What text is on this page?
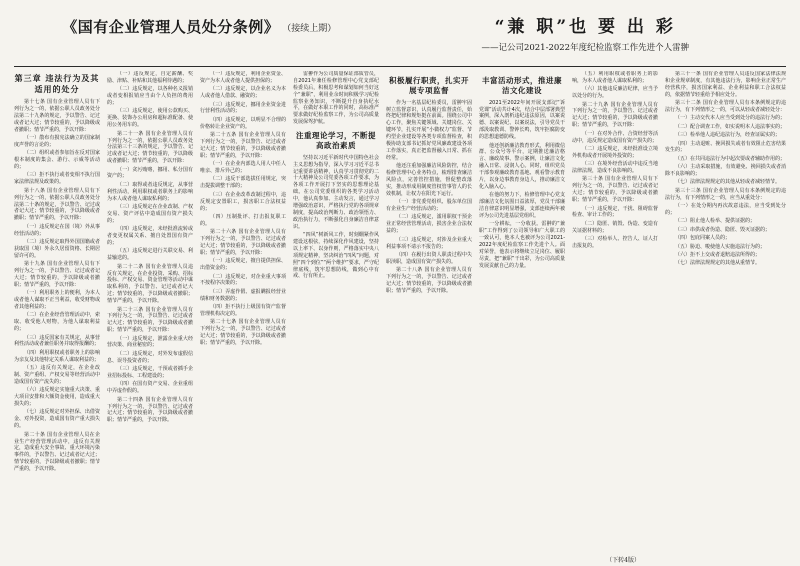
《国有企业管理人员处分条例》 （接续上期）	“兼 职”也 要 出 彩
——记公司2021-2022年度纪检监察工作先进个人雷翀
第三章 违法行为及其适用的处分

第十七条 国有企业管理人员有下列行为之一的，依据公职人员政务处分法第二十九条的规定，予以警告、记过或者记大过；情节较重的，予以降级或者撤职；情节严重的，予以开除：

（一）散布有损宪法确立的国家制度声誉的言论的；

（二）组织或者参加旨在反对国家根本制度的集会、游行、示威等活动的；

（三）拒不执行或者变相不执行国家法律法规及政策的。

第十八条 国有企业管理人员有下列行为之一的，依据公职人员政务处分法第二十条的规定，予以警告、记过或者记大过；情节较重的，予以降级或者撤职；情节严重的，予以开除：

（一）违反规定在国（境）外从事经营活动的；

（二）违反规定取得外国国籍或者获取国（境）外永久居留资格、长期居留许可的。

第十九条 国有企业管理人员有下列行为之一的，予以警告、记过或者记大过；情节较重的，予以降级或者撤职；情节严重的，予以开除：

（一）利用职务上的便利，为本人或者他人谋取不正当利益，收受财物或者其他利益的；

（二）在企业经营管理活动中，索取、收受他人财物，为他人谋取利益的；

（三）违反国家有关规定，从事营利性活动或者兼任职务并取得报酬的；

（四）利用职权或者职务上的影响为亲友及其他特定关系人谋取利益的；

（五）违反有关规定，在企业改制、资产重组、产权交易等经营活动中造成国有资产流失的；

（六）违反规定实施重大决策、重大项目安排和大额资金使用，造成重大损失的；

（七）违反规定对外担保、出借资金、对外投资，造成国有资产重大损失的。

第二十条 国有企业管理人员在企业生产经营管理活动中，违反有关规定，造成重大安全事故、重大环境污染事件的，予以警告、记过或者记大过；情节较重的，予以降级或者撤职；情节严重的，予以开除。

（一）违反规定，自定薪酬、奖励、津贴、补贴和其他福利待遇的；

（二）违反规定，以各种名义报销或者变相报销应当由个人负担的费用的；

（三）违反规定，使用公款购买、更换、装饰办公用房和超标准配备、使用公务用车的。

第二十一条 国有企业管理人员有下列行为之一的，依据公职人员政务处分法第三十三条的规定，予以警告、记过或者记大过；情节较重的，予以降级或者撤职；情节严重的，予以开除：

（一）贪污贿赂，挪用、私分国有资产的；

（二）取得或者违反规定，从事营利性活动，利用职权或者职务上的影响为本人或者他人谋取私利的；

（三）违反规定在企业改制、产权交易、资产评估中造成国有资产损失的；

（四）违反规定，未经批准流转或者变更权属关系、擅自处置国有资产的；

（五）违反规定进行关联交易、利益输送的。

第二十二条 国有企业管理人员违反有关规定，在企业投资、采购、招标投标、产权交易、资金管理等活动中谋取私利的，予以警告、记过或者记大过；情节较重的，予以降级或者撤职；情节严重的，予以开除。

第二十三条 国有企业管理人员有下列行为之一的，予以警告、记过或者记大过；情节较重的，予以降级或者撤职；情节严重的，予以开除：

（一）违反规定，泄露企业重大经营决策、商业秘密的；

（二）违反规定，对外发布虚假信息、误导投资者的；

（三）违反规定，干预或者插手企业招标投标、工程建设的；

（四）在国有资产交易、企业重组中弄虚作假的。

第二十四条 国有企业管理人员有下列行为之一的，予以警告、记过或者记大过；情节较重的，予以降级或者撤职；情节严重的，予以开除。

（一）违反规定，利用企业资金、资产为本人或者他人提供担保的；

（二）违反规定，以企业名义为本人或者他人借款、融资的；

（三）违反规定，挪用企业资金进行营利性活动的；

（四）违反规定，以明显不合理的价格转让企业资产的。

第二十五条 国有企业管理人员有下列行为之一的，予以警告、记过或者记大过；情节较重的，予以降级或者撤职；情节严重的，予以开除：

（一）在企业内部选人用人中任人唯亲、排斥异己的；

（二）违反干部选拔任用规定，突击提拔调整干部的；

（三）在企业改革改制过程中，违反规定安置职工，损害职工合法权益的；

（四）压制批评、打击报复职工的。

第二十六条 国有企业管理人员有下列行为之一的，予以警告、记过或者记大过；情节较重的，予以降级或者撤职；情节严重的，予以开除：

（一）违反规定，擅自提供担保、出借资金的；

（二）违反规定，对企业重大事项不按程序决策的；

（三）弄虚作假、虚报瞒报经营业绩和财务数据的；

（四）拒不执行上级国有资产监督管理机构决定的。

第二十七条 国有企业管理人员有下列行为之一的，予以警告、记过或者记大过；情节较重的，予以降级或者撤职；情节严重的，予以开除。

雷翀作为公司质量保证部质管员，自2021年兼任检修管理中心党支部纪检委员后，积极思考和谋划如何当好这个“兼职”，利用业余时间积极学习纪检监察业务知识，不断提升自身执纪水平，在做好本职工作的同时，高标准严要求做好纪检监察工作，为公司高质量发展保驾护航。

注重理论学习，不断提高政治素质

坚持以习近平新时代中国特色社会主义思想为指导，深入学习习近平总书记重要讲话精神，认真学习贯彻党的二十大精神及公司党委各项工作要求，为各项工作开展打下坚实的思想理论基础。在公司党委组织的各类学习活动中，他认真参加、主动发言，通过学习增强政治意识，严格执行党的各项规章制度，提高政治判断力、政治领悟力、政治执行力，不断强化自身廉洁自律意识。

“四风”树新风工作，时刻绷紧作风建设这根弦，持续深化作风建设，坚持以上率下、以身作则，严格落实中央八项规定精神，坚决纠治“四风”问题，对照“四个到位”“两个维护”要求，严守纪律底线，筑牢思想防线，做到心中有戒、行有所止。

积极履行职责，扎实开展专项监督

作为一名基层纪检委员，雷翀牢固树立监督意识，认真履行监督责任，始终把纪律和规矩挺在前面。围绕公司中心工作，聚焦关键领域、关键岗位、关键环节，扎实开展“小微权力”监督、节约型企业建设等各类专项监督检查，积极协助支部书记抓好党风廉政建设各项工作落实，真正把监督融入日常、抓在经常。

他还注重加强廉洁风险防控，结合检修管理中心业务特点，梳理排查廉洁风险点，完善管控措施，督促整改落实，推动形成用制度管权管事管人的长效机制，让权力在阳光下运行。

（一）非党委党组织、股东单位国有企业生产经营活动的；

（二）违反规定，滥用职权干预企业正常经营管理活动，损害企业合法权益的；

（三）违反规定，对涉及企业重大利益事项不请示不报告的；

（四）在履行出资人职责过程中失职渎职，造成国有资产损失的。

第二十八条 国有企业管理人员有下列行为之一的，予以警告、记过或者记大过；情节较重的，予以降级或者撤职；情节严重的，予以开除。

丰富活动形式，推进廉洁文化建设

2021至2022年间开展支部记“诉党课”活动共计4次，结合中层部署典型案例，深入剖析违纪违法原因，以案说德、以案说纪、以案说法，引导党员干部汲取教训、警钟长鸣，筑牢拒腐防变的思想道德防线。

他还创新廉洁教育形式，利用微信群、公众号等平台，定期推送廉洁格言、廉政故事、警示案例，让廉洁文化融入日常、浸润人心。同时，组织党员干部参观廉政教育基地、观看警示教育片，以身边事教育身边人，推动廉洁文化入脑入心。

在他的努力下，检修管理中心党支部廉洁文化氛围日益浓厚，党员干部廉洁自律意识明显增强，支部连续两年被评为公司先进基层党组织。

一分耕耘，一分收获。雷翀的“兼职”工作得到了公司领导和广大职工的一致认可，他本人也被评为公司2021-2022年度纪检监察工作先进个人。面对荣誉，他表示将继续立足岗位、履职尽责，把“兼职”干出彩，为公司高质量发展贡献自己的力量。

（五）利用职权或者职务上的影响，为本人或者他人谋取私利的；

（六）其他违反廉洁纪律，应当予以处分的行为。

第二十九条 国有企业管理人员有下列行为之一的，予以警告、记过或者记大过；情节较重的，予以降级或者撤职；情节严重的，予以开除：

（一）在对外合作、合资经营等活动中，违反规定造成国有资产损失的；

（二）违反规定，未经批准设立境外机构或者开展境外投资的；

（三）在境外经营活动中违反当地法律法规，造成不良影响的。

第三十条 国有企业管理人员有下列行为之一的，予以警告、记过或者记大过；情节较重的，予以降级或者撤职；情节严重的，予以开除：

（一）违反规定，干扰、阻碍监督检查、审计工作的；

（二）隐匿、销毁、伪造、变造有关证据材料的；

（三）对检举人、控告人、证人打击报复的。

第三十一条 国有企业管理人员违反国家法律法规和企业规章制度，有其他违法行为，影响企业正常生产经营秩序，损害国家利益、企业利益和职工合法权益的，依据情节轻重给予相应处分。

第三十二条 国有企业管理人员有本条例规定的违法行为，有下列情形之一的，可以从轻或者减轻处分：

（一）主动交代本人应当受到处分的违法行为的；

（二）配合调查工作，如实说明本人违法事实的；

（三）检举他人违纪违法行为，经查证属实的；

（四）主动退赃、挽回损失或者有效阻止危害结果发生的；

（五）在共同违法行为中起次要或者辅助作用的；

（六）主动采取措施，有效避免、挽回损失或者消除不良影响的；

（七）法律法规规定的其他从轻或者减轻情节。

第三十三条 国有企业管理人员有本条例规定的违法行为，有下列情形之一的，应当从重处分：

（一）在处分期内再次故意违法，应当受到处分的；

（二）阻止他人检举、提供证据的；

（三）串供或者伪造、隐匿、毁灭证据的；

（四）包庇同案人员的；

（五）胁迫、唆使他人实施违法行为的；

（六）拒不上交或者退赔违法所得的；

（七）法律法规规定的其他从重情节。

（下转4版）
